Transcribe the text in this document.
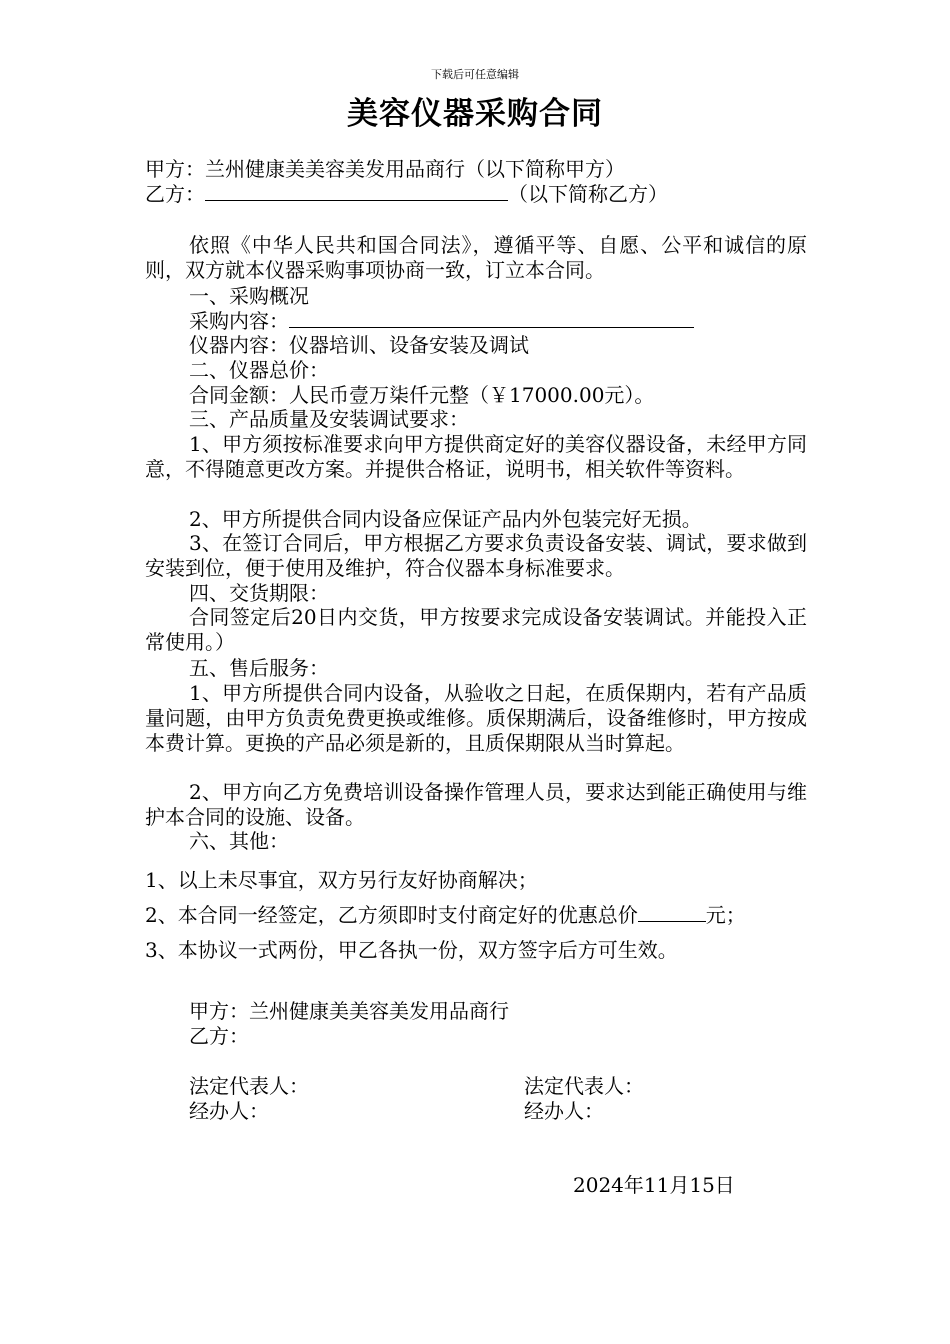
下载后可任意编辑
美容仪器采购合同
甲方：兰州健康美美容美发用品商行（以下简称甲方）
乙方：	（以下简称乙方）
依照《中华人民共和国合同法》，遵循平等、自愿、公平和诚信的原则，双方就本仪器采购事项协商一致，订立本合同。
一、采购概况
采购内容：
仪器内容：仪器培训、设备安装及调试
二、仪器总价：
合同金额：人民币壹万柒仟元整（￥17000.00元）。
三、产品质量及安装调试要求：
1、甲方须按标准要求向甲方提供商定好的美容仪器设备，未经甲方同意，不得随意更改方案。并提供合格证，说明书，相关软件等资料。
2、甲方所提供合同内设备应保证产品内外包装完好无损。
3、在签订合同后，甲方根据乙方要求负责设备安装、调试，要求做到安装到位，便于使用及维护，符合仪器本身标准要求。
四、交货期限：
合同签定后20日内交货，甲方按要求完成设备安装调试。并能投入正常使用。）
五、售后服务：
1、甲方所提供合同内设备，从验收之日起，在质保期内，若有产品质量问题，由甲方负责免费更换或维修。质保期满后，设备维修时，甲方按成本费计算。更换的产品必须是新的，且质保期限从当时算起。
2、甲方向乙方免费培训设备操作管理人员，要求达到能正确使用与维护本合同的设施、设备。
六、其他：
1、以上未尽事宜，双方另行友好协商解决；
2、本合同一经签定，乙方须即时支付商定好的优惠总价	元；
3、本协议一式两份，甲乙各执一份，双方签字后方可生效。
甲方：兰州健康美美容美发用品商行
乙方：
法定代表人：
经办人：
法定代表人：
经办人：
2024年11月15日
